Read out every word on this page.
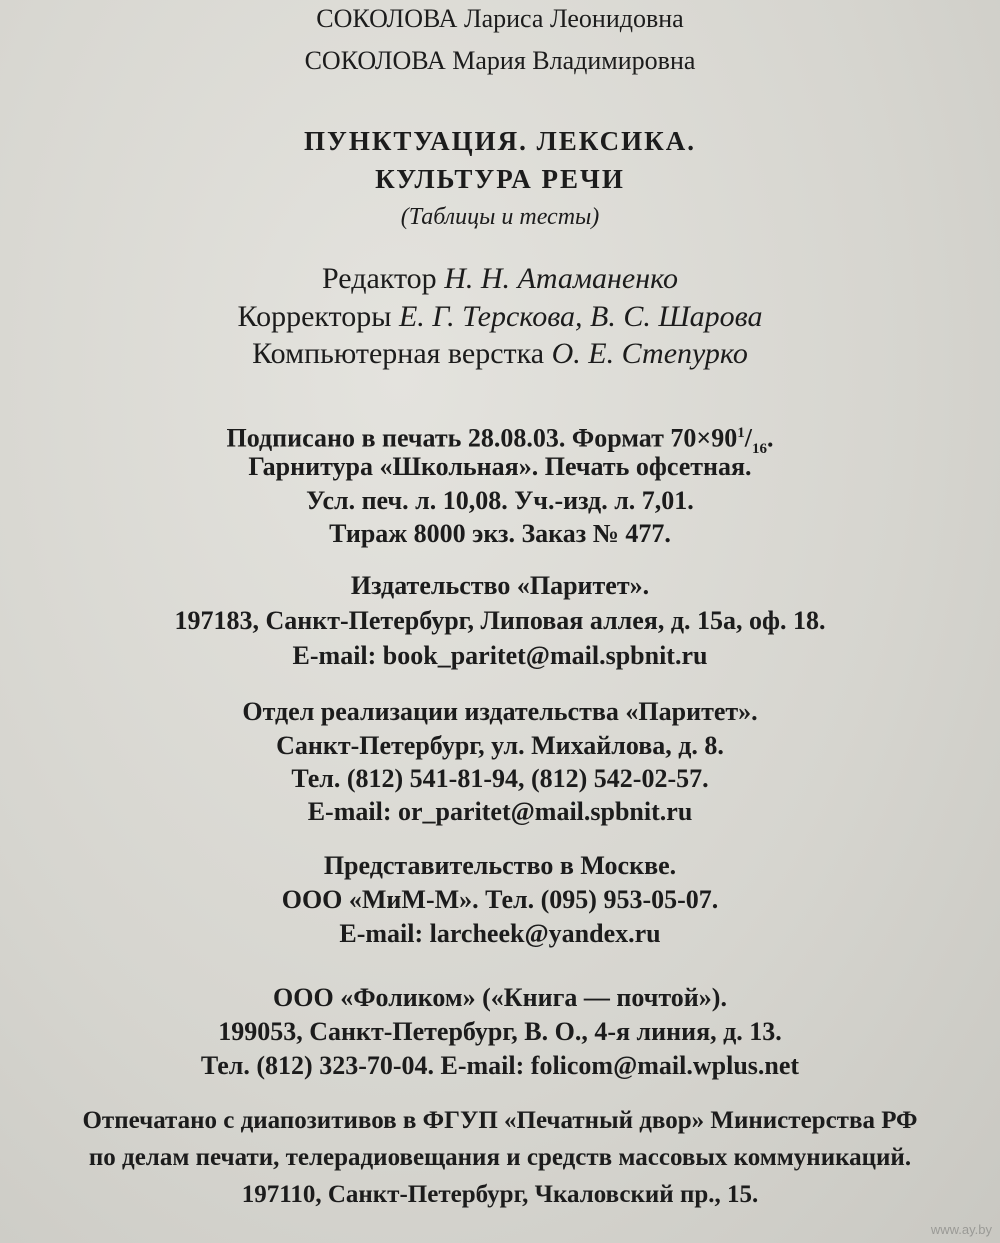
СОКОЛОВА Лариса Леонидовна
СОКОЛОВА Мария Владимировна
ПУНКТУАЦИЯ. ЛЕКСИКА.
КУЛЬТУРА РЕЧИ
(Таблицы и тесты)
Редактор Н. Н. Атаманенко
Корректоры Е. Г. Терскова, В. С. Шарова
Компьютерная верстка О. Е. Степурко
Подписано в печать 28.08.03. Формат $70\times 90^1/_{16}$.
Гарнитура «Школьная». Печать офсетная.
Усл. печ. л. 10,08. Уч.-изд. л. 7,01.
Тираж 8000 экз. Заказ № 477.
Издательство «Паритет».
197183, Санкт-Петербург, Липовая аллея, д. 15а, оф. 18.
E-mail: book_paritet@mail.spbnit.ru
Отдел реализации издательства «Паритет».
Санкт-Петербург, ул. Михайлова, д. 8.
Тел. (812) 541-81-94, (812) 542-02-57.
E-mail: or_paritet@mail.spbnit.ru
Представительство в Москве.
ООО «МиМ-М». Тел. (095) 953-05-07.
E-mail: larcheek@yandex.ru
ООО «Фоликом» («Книга — почтой»).
199053, Санкт-Петербург, В. О., 4-я линия, д. 13.
Тел. (812) 323-70-04. E-mail: folicom@mail.wplus.net
Отпечатано с диапозитивов в ФГУП «Печатный двор» Министерства РФ
по делам печати, телерадиовещания и средств массовых коммуникаций.
197110, Санкт-Петербург, Чкаловский пр., 15.
www.ay.by
